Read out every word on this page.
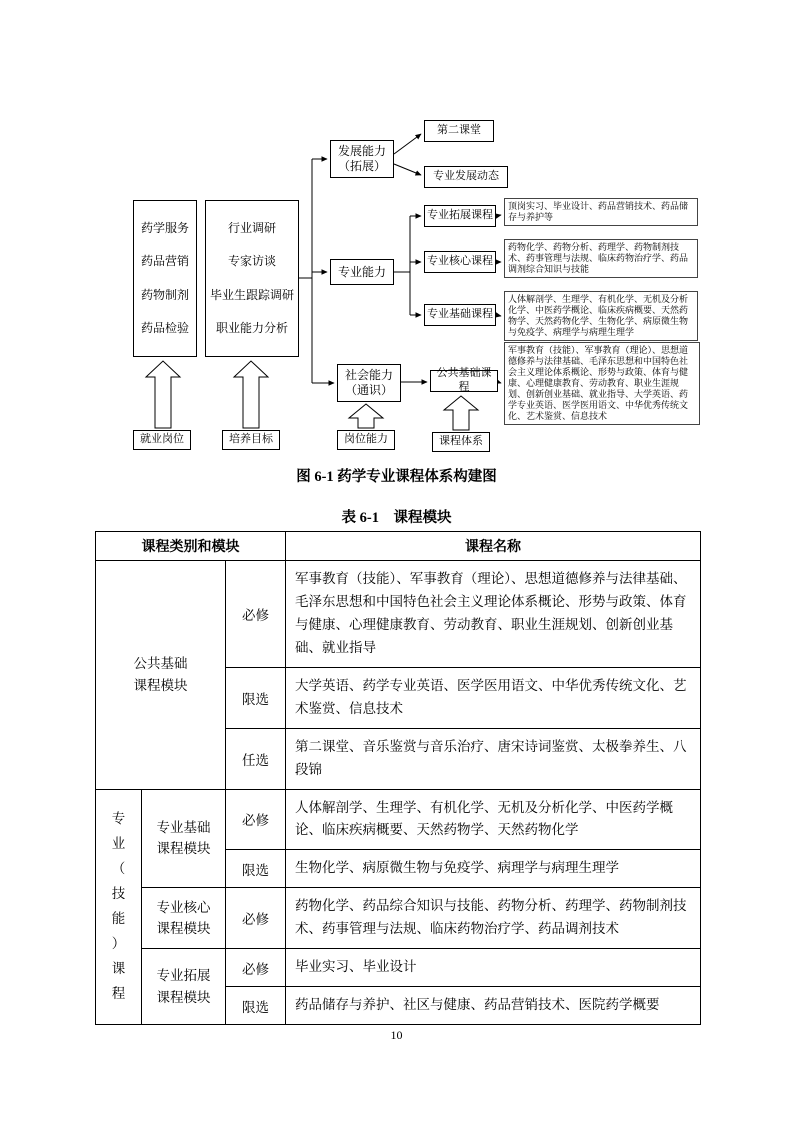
药学服务
药品营销
药物制剂
药品检验
行业调研
专家访谈
毕业生跟踪调研
职业能力分析
发展能力（拓展）
专业能力
社会能力（通识）
第二课堂
专业发展动态
专业拓展课程
专业核心课程
专业基础课程
公共基础课程
顶岗实习、毕业设计、药品营销技术、药品储存与养护等
药物化学、药物分析、药理学、药物制剂技术、药事管理与法规、临床药物治疗学、药品调剂综合知识与技能
人体解剖学、生理学、有机化学、无机及分析化学、中医药学概论、临床疾病概要、天然药物学、天然药物化学、生物化学、病原微生物与免疫学、病理学与病理生理学
军事教育（技能）、军事教育（理论）、思想道德修养与法律基础、毛泽东思想和中国特色社会主义理论体系概论、形势与政策、体育与健康、心理健康教育、劳动教育、职业生涯规划、创新创业基础、就业指导、大学英语、药学专业英语、医学医用语文、中华优秀传统文化、艺术鉴赏、信息技术
就业岗位	培养目标	岗位能力	课程体系
图 6-1 药学专业课程体系构建图
表 6-1　课程模块
课程类别和模块			课程名称

公共基础课程模块		必修	军事教育（技能）、军事教育（理论）、思想道德修养与法律基础、毛泽东思想和中国特色社会主义理论体系概论、形势与政策、体育与健康、心理健康教育、劳动教育、职业生涯规划、创新创业基础、就业指导
		限选	大学英语、药学专业英语、医学医用语文、中华优秀传统文化、艺术鉴赏、信息技术
		任选	第二课堂、音乐鉴赏与音乐治疗、唐宋诗词鉴赏、太极拳养生、八段锦

专业（技能）课程	专业基础课程模块	必修	人体解剖学、生理学、有机化学、无机及分析化学、中医药学概论、临床疾病概要、天然药物学、天然药物化学
		限选	生物化学、病原微生物与免疫学、病理学与病理生理学

	专业核心课程模块	必修	药物化学、药品综合知识与技能、药物分析、药理学、药物制剂技术、药事管理与法规、临床药物治疗学、药品调剂技术

	专业拓展课程模块	必修	毕业实习、毕业设计
		限选	药品储存与养护、社区与健康、药品营销技术、医院药学概要
10
